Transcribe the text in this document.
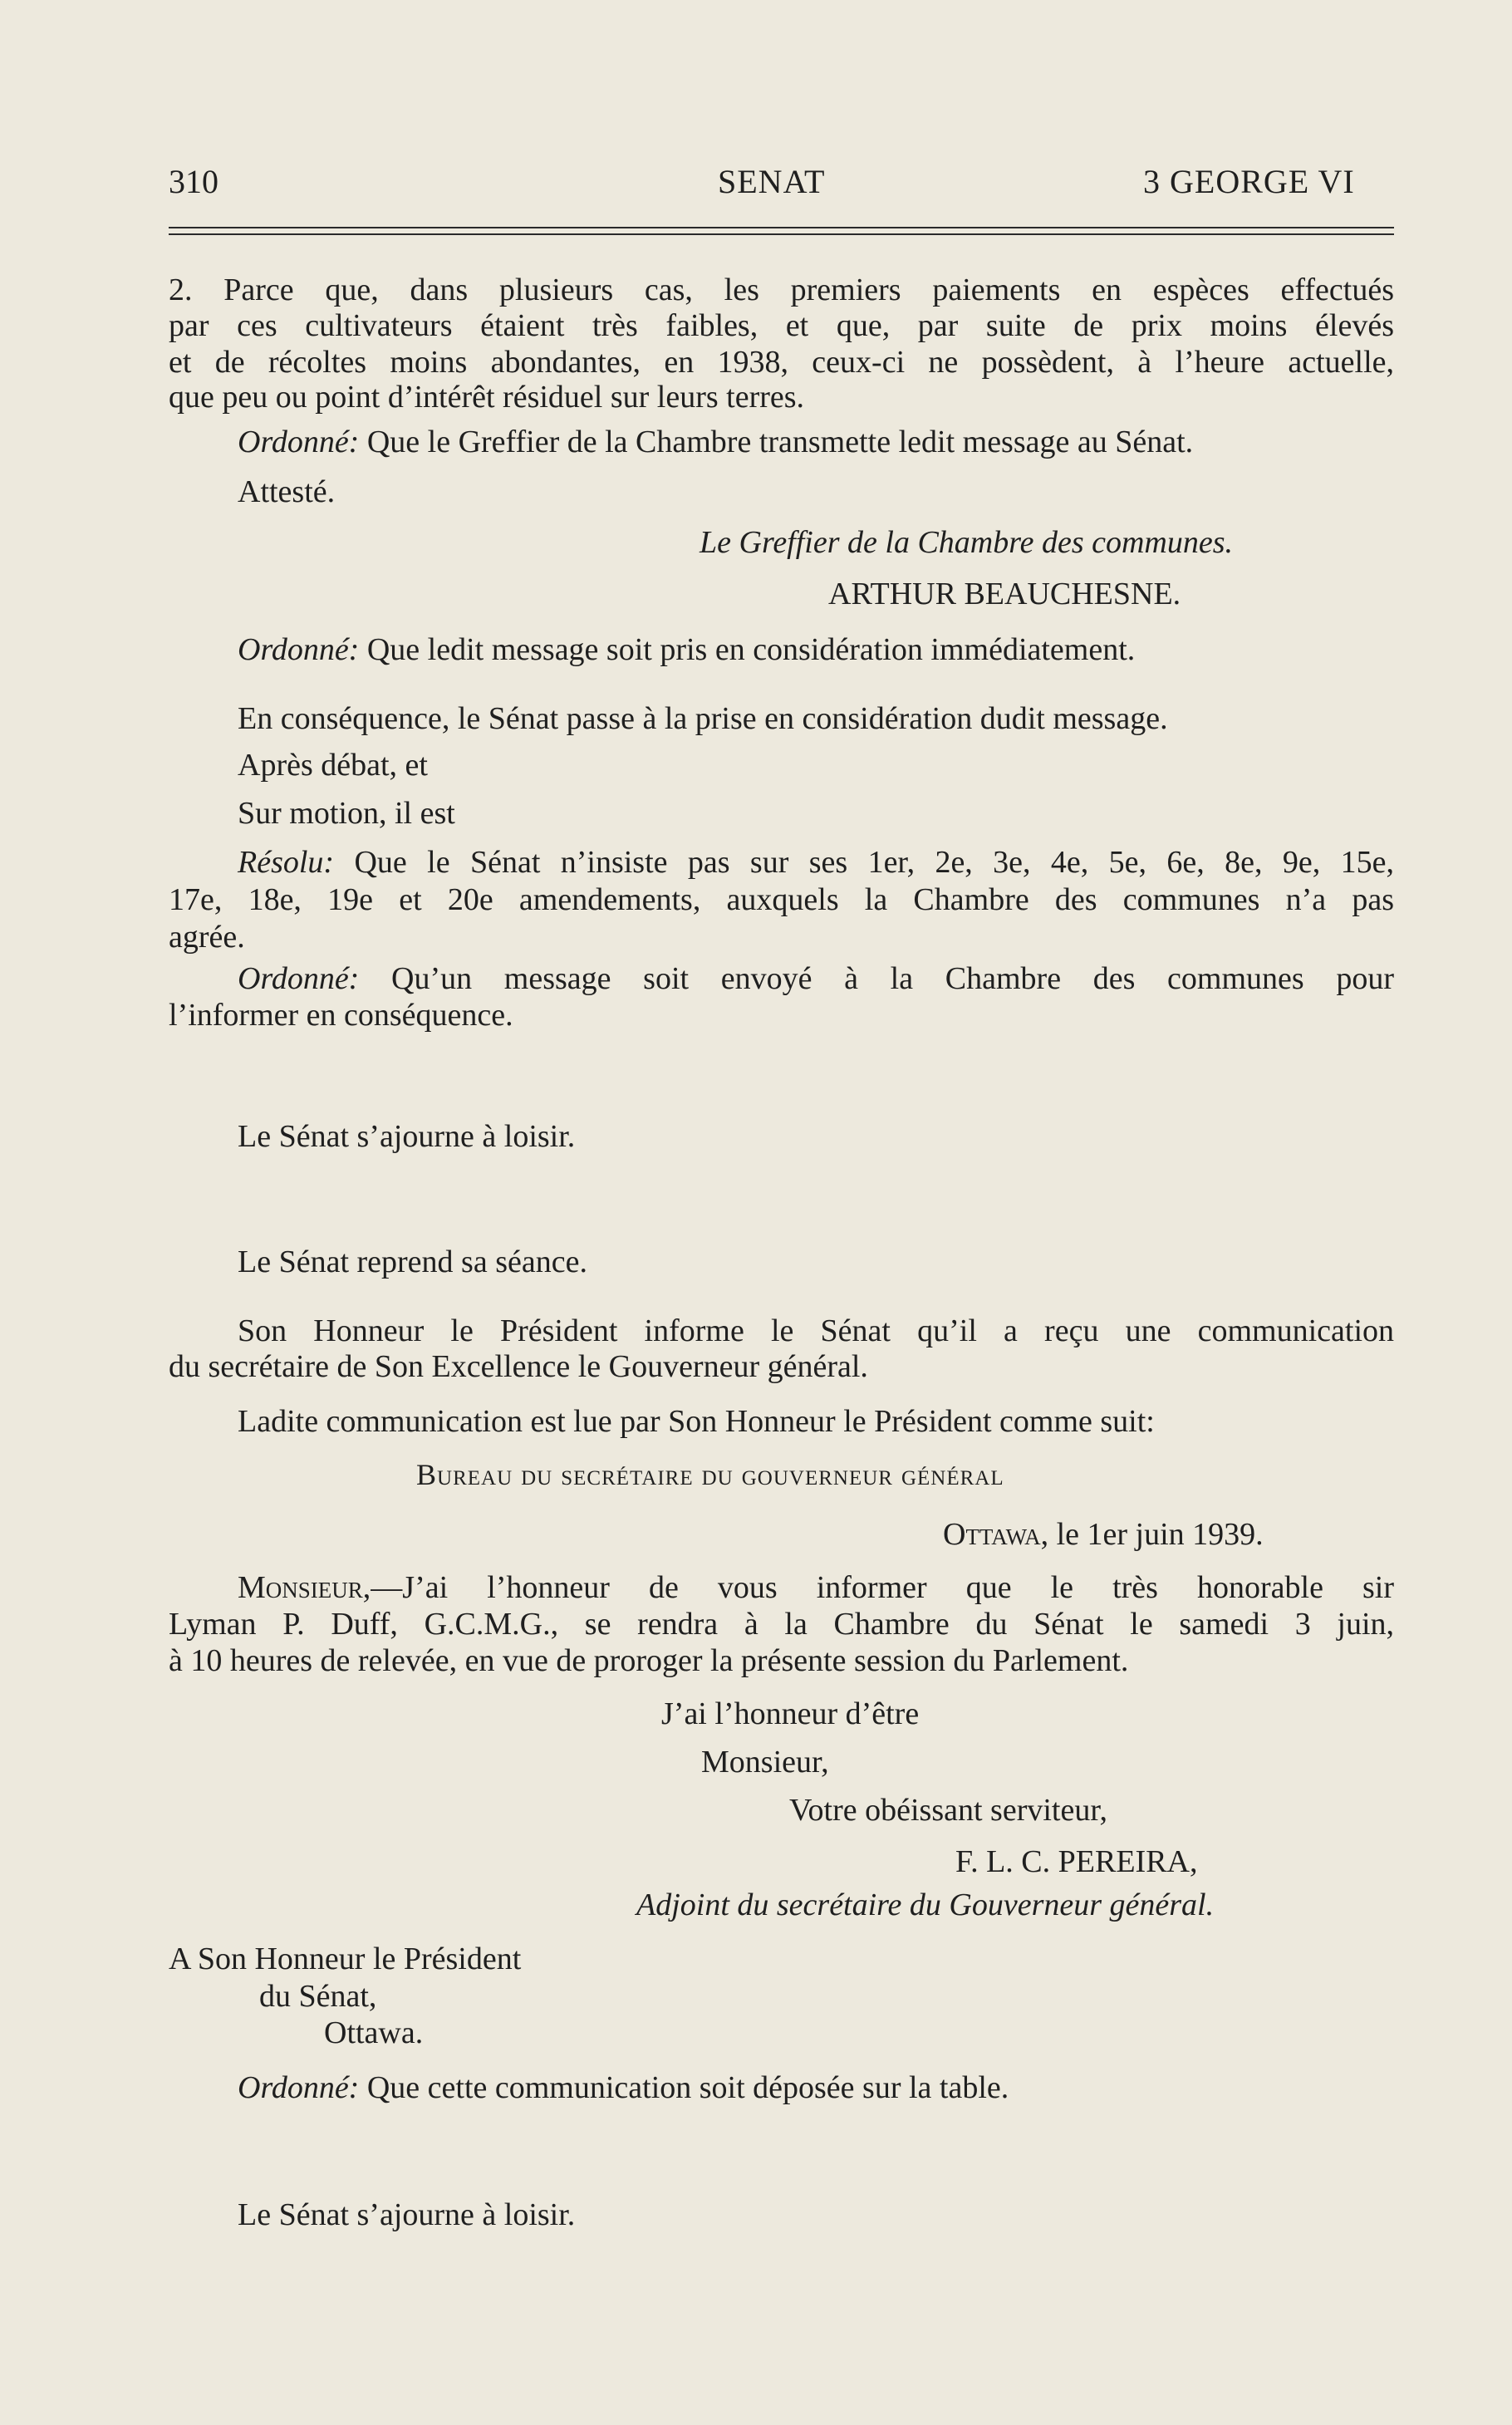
310	SENAT	3 GEORGE VI
2. Parce que, dans plusieurs cas, les premiers paiements en espèces effectués
par ces cultivateurs étaient très faibles, et que, par suite de prix moins élevés
et de récoltes moins abondantes, en 1938, ceux-ci ne possèdent, à l’heure actuelle,
que peu ou point d’intérêt résiduel sur leurs terres.
Ordonné: Que le Greffier de la Chambre transmette ledit message au Sénat.
Attesté.
Le Greffier de la Chambre des communes.
ARTHUR BEAUCHESNE.
Ordonné: Que ledit message soit pris en considération immédiatement.
En conséquence, le Sénat passe à la prise en considération dudit message.
Après débat, et
Sur motion, il est
Résolu: Que le Sénat n’insiste pas sur ses 1er, 2e, 3e, 4e, 5e, 6e, 8e, 9e, 15e,
17e, 18e, 19e et 20e amendements, auxquels la Chambre des communes n’a pas
agrée.
Ordonné: Qu’un message soit envoyé à la Chambre des communes pour
l’informer en conséquence.
Le Sénat s’ajourne à loisir.
Le Sénat reprend sa séance.
Son Honneur le Président informe le Sénat qu’il a reçu une communication
du secrétaire de Son Excellence le Gouverneur général.
Ladite communication est lue par Son Honneur le Président comme suit:
Bureau du secrétaire du gouverneur général
Ottawa, le 1er juin 1939.
Monsieur,—J’ai l’honneur de vous informer que le très honorable sir
Lyman P. Duff, G.C.M.G., se rendra à la Chambre du Sénat le samedi 3 juin,
à 10 heures de relevée, en vue de proroger la présente session du Parlement.
J’ai l’honneur d’être
Monsieur,
Votre obéissant serviteur,
F. L. C. PEREIRA,
Adjoint du secrétaire du Gouverneur général.
A Son Honneur le Président
du Sénat,
Ottawa.
Ordonné: Que cette communication soit déposée sur la table.
Le Sénat s’ajourne à loisir.
